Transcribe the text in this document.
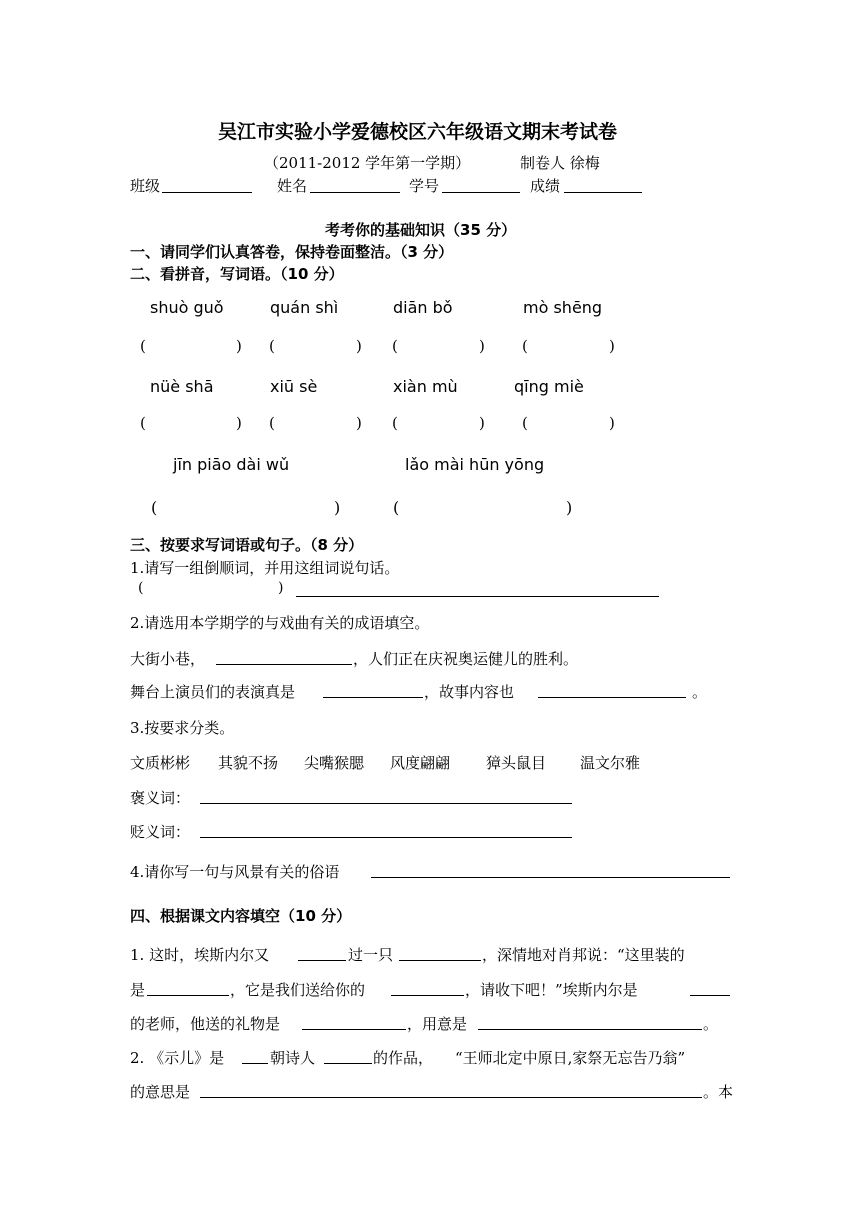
吴江市实验小学爱德校区六年级语文期末考试卷
（2011-2012 学年第一学期）	制卷人 徐梅
班级	姓名	学号	成绩
考考你的基础知识（35 分）
一、请同学们认真答卷，保持卷面整洁。（3 分）
二、看拼音，写词语。（10 分）
shuò guǒ	quán shì	diān bǒ	mò shēng
(	) (	) (	) (	)
nüè shā	xiū sè	xiàn mù	qīng miè
(	) (	) (	) (	)
jīn piāo dài wǔ	lǎo mài hūn yōng
(	)	(	)
三、按要求写词语或句子。（8 分）
1.请写一组倒顺词，并用这组词说句话。
(	)
2.请选用本学期学的与戏曲有关的成语填空。
大街小巷，	，人们正在庆祝奥运健儿的胜利。
舞台上演员们的表演真是	，故事内容也	。
3.按要求分类。
文质彬彬 其貌不扬 尖嘴猴腮 风度翩翩 獐头鼠目 温文尔雅
褒义词：
贬义词：
4.请你写一句与风景有关的俗语
四、根据课文内容填空（10 分）
1. 这时，埃斯内尔又	过一只	，深情地对肖邦说：“这里装的
是	，它是我们送给你的	，请收下吧！”埃斯内尔是
的老师，他送的礼物是	，用意是	。
2. 《示儿》是	朝诗人	的作品， “王师北定中原日,家祭无忘告乃翁”
的意思是	。本
